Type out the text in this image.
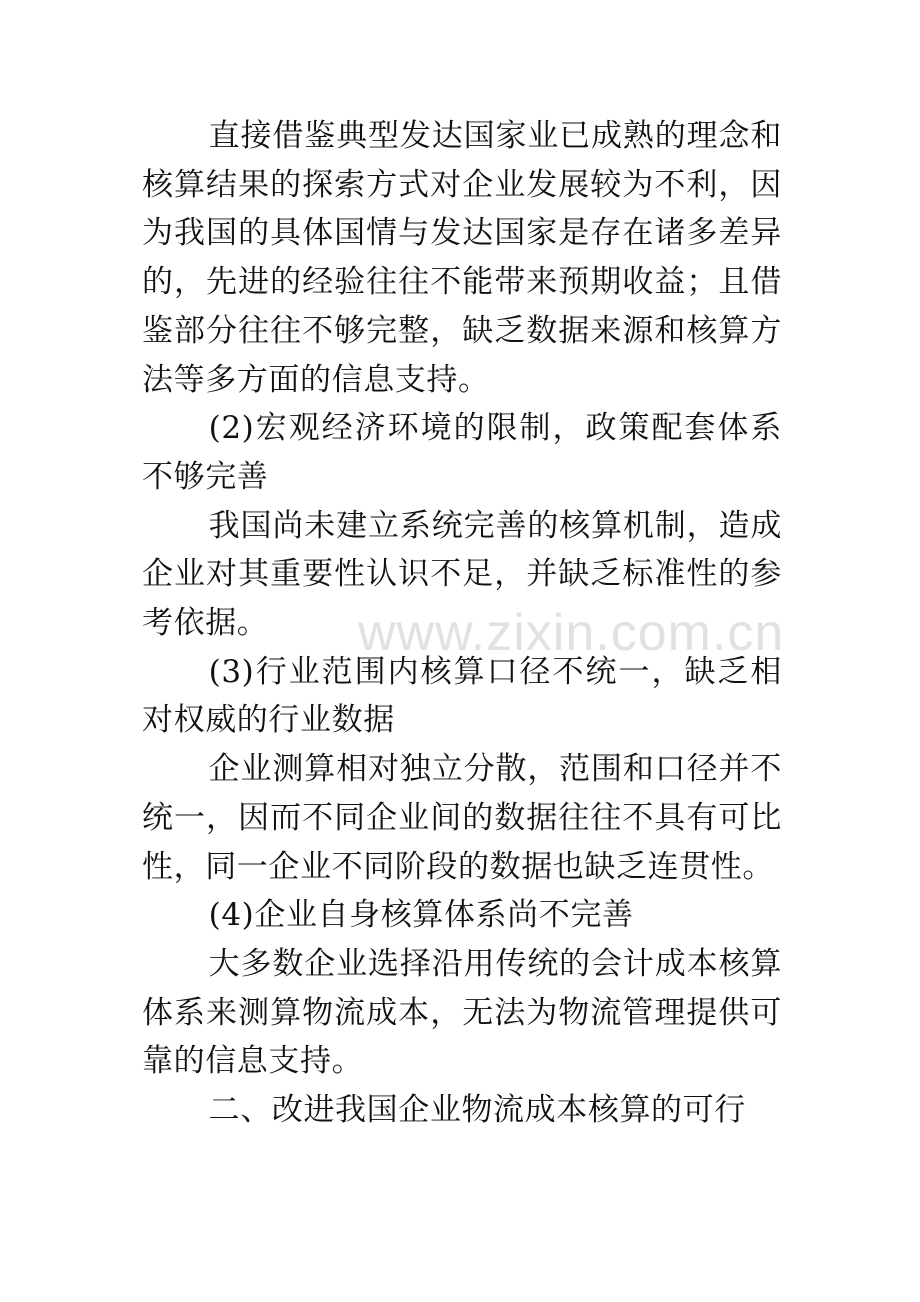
直接借鉴典型发达国家业已成熟的理念和核算结果的探索方式对企业发展较为不利，因为我国的具体国情与发达国家是存在诸多差异的，先进的经验往往不能带来预期收益；且借鉴部分往往不够完整，缺乏数据来源和核算方法等多方面的信息支持。

(2)宏观经济环境的限制，政策配套体系不够完善

我国尚未建立系统完善的核算机制，造成企业对其重要性认识不足，并缺乏标准性的参考依据。

(3)行业范围内核算口径不统一，缺乏相对权威的行业数据

企业测算相对独立分散，范围和口径并不统一，因而不同企业间的数据往往不具有可比性，同一企业不同阶段的数据也缺乏连贯性。

(4)企业自身核算体系尚不完善

大多数企业选择沿用传统的会计成本核算体系来测算物流成本，无法为物流管理提供可靠的信息支持。

二、改进我国企业物流成本核算的可行

www.zixin.com.cn
